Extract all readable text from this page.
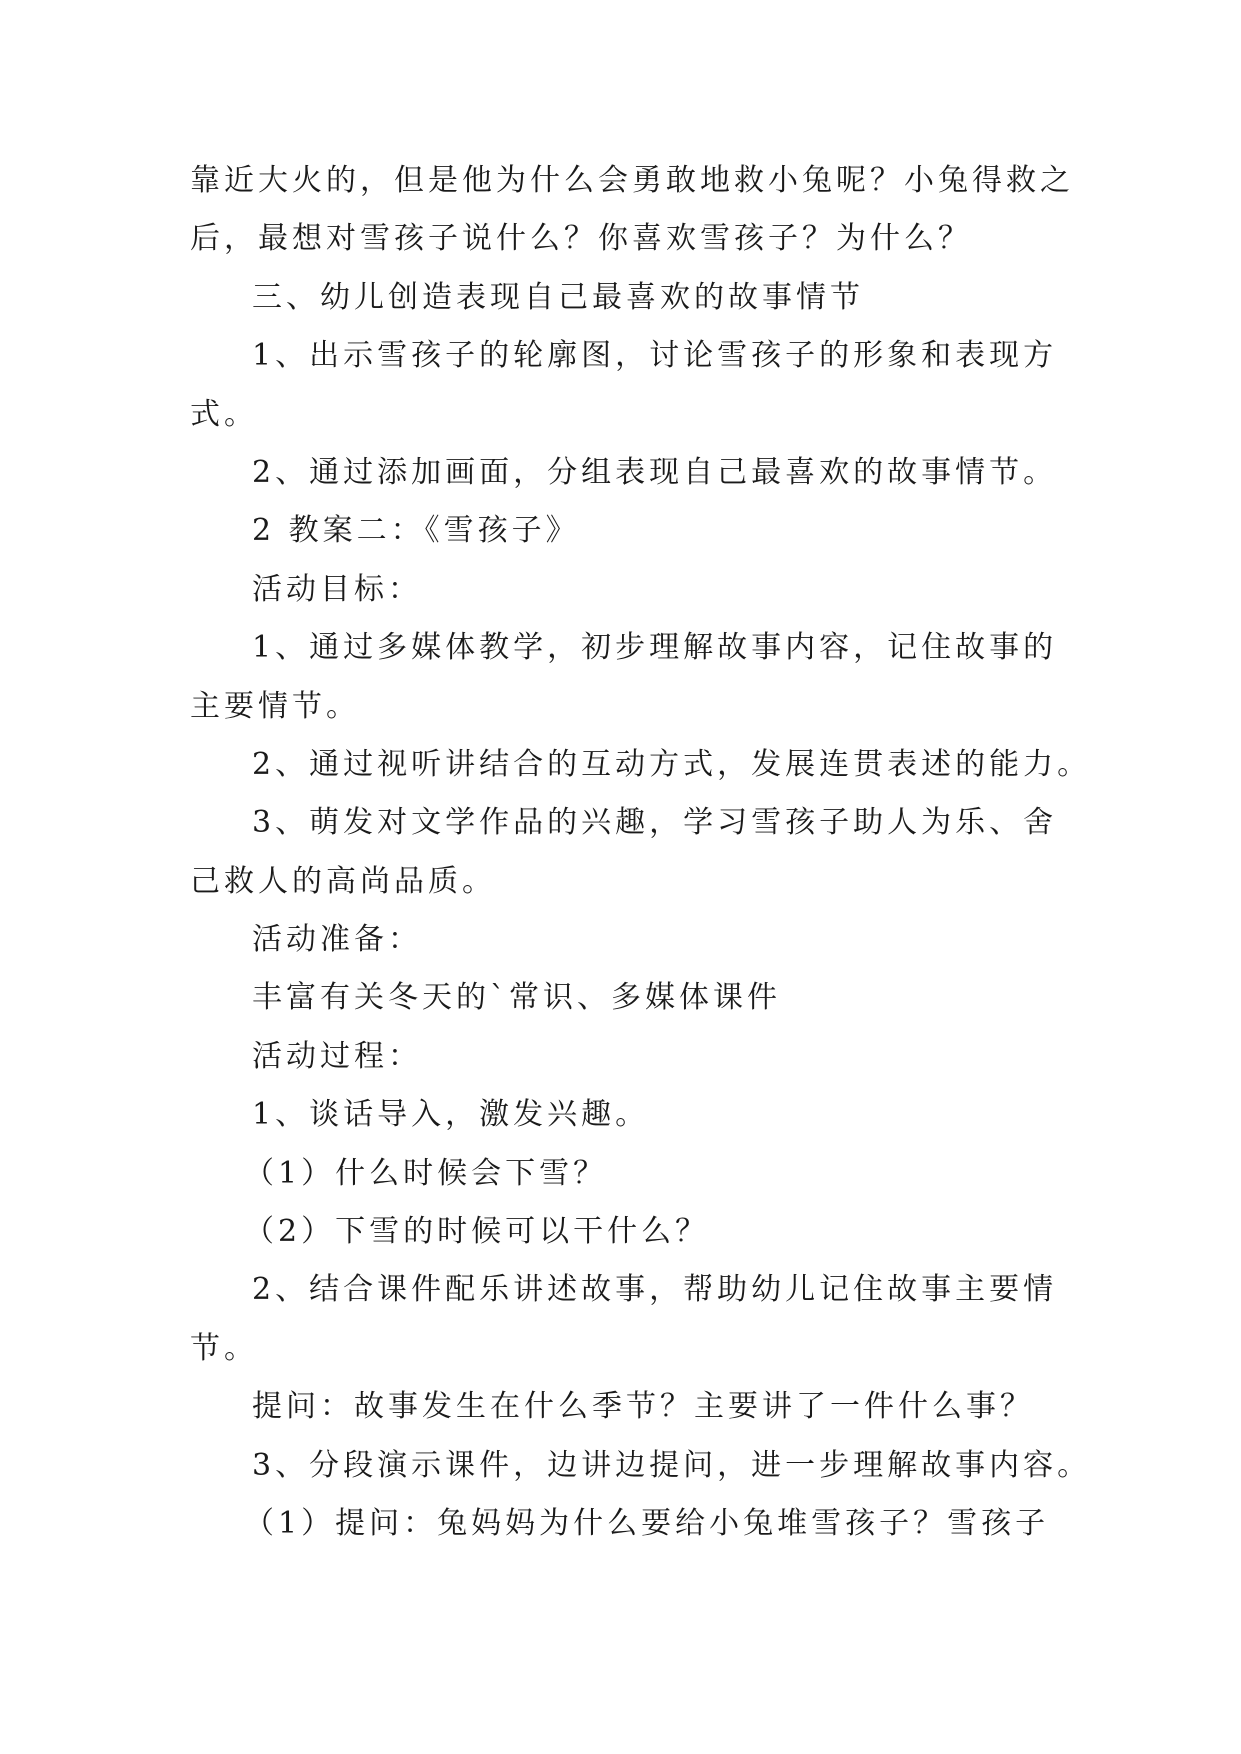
靠近大火的，但是他为什么会勇敢地救小兔呢？小兔得救之
后，最想对雪孩子说什么？你喜欢雪孩子？为什么？
三、幼儿创造表现自己最喜欢的故事情节
1、出示雪孩子的轮廓图，讨论雪孩子的形象和表现方
式。
2、通过添加画面，分组表现自己最喜欢的故事情节。
2 教案二：《雪孩子》
活动目标：
1、通过多媒体教学，初步理解故事内容，记住故事的
主要情节。
2、通过视听讲结合的互动方式，发展连贯表述的能力。
3、萌发对文学作品的兴趣，学习雪孩子助人为乐、舍
己救人的高尚品质。
活动准备：
丰富有关冬天的`常识、多媒体课件
活动过程：
1、谈话导入，激发兴趣。
（1）什么时候会下雪？
（2）下雪的时候可以干什么？
2、结合课件配乐讲述故事，帮助幼儿记住故事主要情
节。
提问：故事发生在什么季节？主要讲了一件什么事？
3、分段演示课件，边讲边提问，进一步理解故事内容。
（1）提问：兔妈妈为什么要给小兔堆雪孩子？雪孩子
